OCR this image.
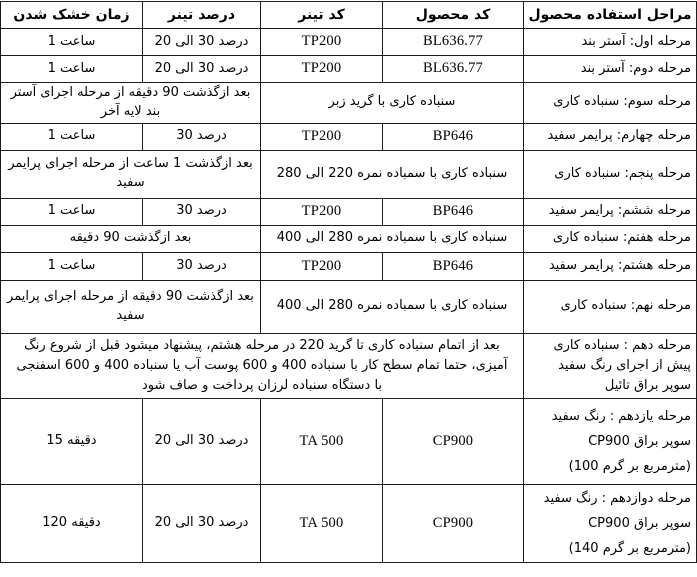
مراحل استفاده محصول	کد محصول	کد تینر	درصد تینر	زمان خشک شدن
مرحله اول: آستر بند	BL636.77	TP200	20 الی 30 درصد	1 ساعت
مرحله دوم: آستر بند	BL636.77	TP200	20 الی 30 درصد	1 ساعت
مرحله سوم: سنباده کاری	سنباده کاری با گرید زبر		بعد ازگذشت 90 دقیقه از مرحله اجرای آستر بند لایه آخر	
مرحله چهارم: پرایمر سفید	BP646	TP200	30 درصد	1 ساعت
مرحله پنجم: سنباده کاری	سنباده کاری با سمباده نمره 220 الی 280		بعد ازگذشت 1 ساعت از مرحله اجرای پرایمر سفید	
مرحله ششم: پرایمر سفید	BP646	TP200	30 درصد	1 ساعت
مرحله هفتم: سنباده کاری	سنباده کاری با سمباده نمره 280 الی 400		بعد ازگذشت 90 دقیقه	
مرحله هشتم: پرایمر سفید	BP646	TP200	30 درصد	1 ساعت
مرحله نهم: سنباده کاری	سنباده کاری با سمباده نمره 280 الی 400		بعد ازگذشت 90 دقیقه از مرحله اجرای پرایمر سفید	
مرحله دهم : سنباده کاری پیش از اجرای رنگ سفید سوپر براق تائیل	بعد از اتمام سنباده کاری تا گرید 220 در مرحله هشتم، پیشنهاد میشود قبل از شروع رنگ آمیزی، حتما تمام سطح کار با سنباده 400 و 600 پوست آب یا سنباده 400 و 600 اسفنجی با دستگاه سنباده لرزان پرداخت و صاف شود			

مرحله یازدهم : رنگ سفید
سوپر براق CP900
(100 گرم بر مترمربع)	CP900	TA 500	20 الی 30 درصد	15 دقیقه

مرحله دوازدهم : رنگ سفید
سوپر براق CP900
(140 گرم بر مترمربع)	CP900	TA 500	20 الی 30 درصد	120 دقیقه
